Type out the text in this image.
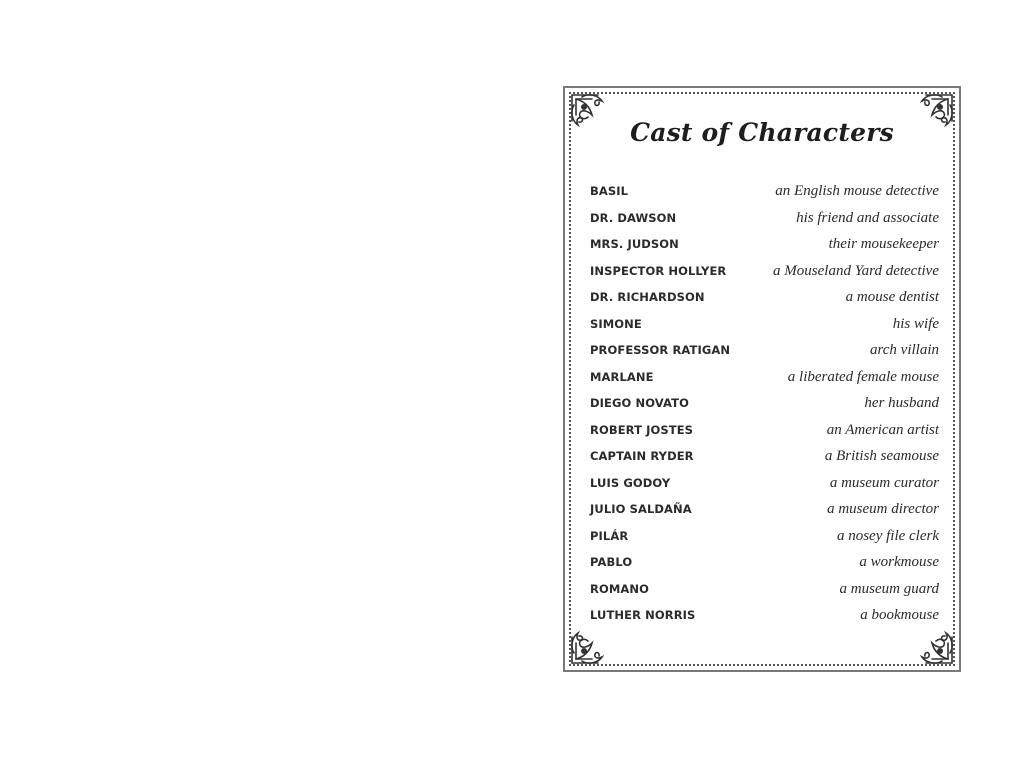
Cast of Characters
BASIL	an English mouse detective
DR. DAWSON	his friend and associate
MRS. JUDSON	their mousekeeper
INSPECTOR HOLLYER	a Mouseland Yard detective
DR. RICHARDSON	a mouse dentist
SIMONE	his wife
PROFESSOR RATIGAN	arch villain
MARLANE	a liberated female mouse
DIEGO NOVATO	her husband
ROBERT JOSTES	an American artist
CAPTAIN RYDER	a British seamouse
LUIS GODOY	a museum curator
JULIO SALDAÑA	a museum director
PILÁR	a nosey file clerk
PABLO	a workmouse
ROMANO	a museum guard
LUTHER NORRIS	a bookmouse
